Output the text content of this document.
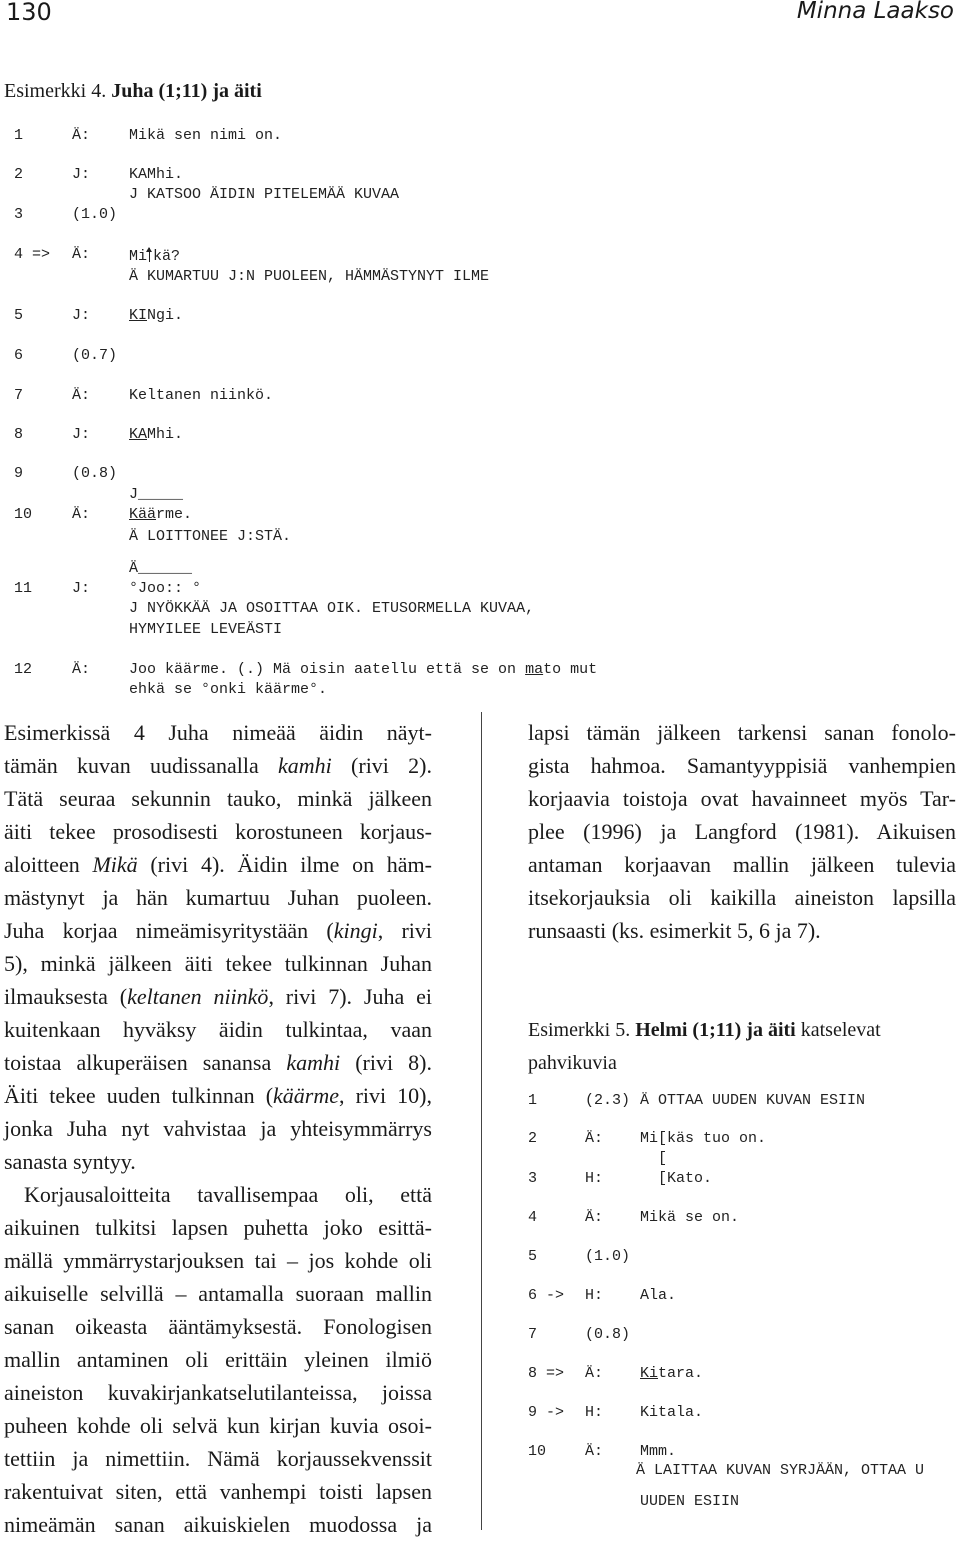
130	Minna Laakso
Esimerkki 4. Juha (1;11) ja äiti
1	Ä:	Mikä sen nimi on.
2	J:	KAMhi.
J KATSOO ÄIDIN PITELEMÄÄ KUVAA
3	(1.0)
4 => Ä:	Mi kä?
Ä KUMARTUU J:N PUOLEEN, HÄMMÄSTYNYT ILME
5	J:	KINgi.
6	(0.7)
7	Ä:	Keltanen niinkö.
8	J:	KAMhi.
9	(0.8)
J_____
10	Ä:	Käärme.
Ä LOITTONEE J:STÄ.
Ä______
11	J:	°Joo:: °
J NYÖKKÄÄ JA OSOITTAA OIK. ETUSORMELLA KUVAA,
HYMYILEE LEVEÄSTI
12	Ä:	Joo käärme. (.) Mä oisin aatellu että se on mato mut
ehkä se °onki käärme°.
Esimerkissä 4 Juha nimeää äidin näyt-
tämän kuvan uudissanalla kamhi (rivi 2).
Tätä seuraa sekunnin tauko, minkä jälkeen
äiti tekee prosodisesti korostuneen korjaus-
aloitteen Mikä (rivi 4). Äidin ilme on häm-
mästynyt ja hän kumartuu Juhan puoleen.
Juha korjaa nimeämisyritystään (kingi, rivi
5), minkä jälkeen äiti tekee tulkinnan Juhan
ilmauksesta (keltanen niinkö, rivi 7). Juha ei
kuitenkaan hyväksy äidin tulkintaa, vaan
toistaa alkuperäisen sanansa kamhi (rivi 8).
Äiti tekee uuden tulkinnan (käärme, rivi 10),
jonka Juha nyt vahvistaa ja yhteisymmärrys
sanasta syntyy.
Korjausaloitteita tavallisempaa oli, että
aikuinen tulkitsi lapsen puhetta joko esittä-
mällä ymmärrystarjouksen tai – jos kohde oli
aikuiselle selvillä – antamalla suoraan mallin
sanan oikeasta ääntämyksestä. Fonologisen
mallin antaminen oli erittäin yleinen ilmiö
aineiston kuvakirjankatselutilanteissa, joissa
puheen kohde oli selvä kun kirjan kuvia osoi-
tettiin ja nimettiin. Nämä korjaussekvenssit
rakentuivat siten, että vanhempi toisti lapsen
nimeämän sanan aikuiskielen muodossa ja
lapsi tämän jälkeen tarkensi sanan fonolo-
gista hahmoa. Samantyyppisiä vanhempien
korjaavia toistoja ovat havainneet myös Tar-
plee (1996) ja Langford (1981). Aikuisen
antaman korjaavan mallin jälkeen tulevia
itsekorjauksia oli kaikilla aineiston lapsilla
runsaasti (ks. esimerkit 5, 6 ja 7).
Esimerkki 5. Helmi (1;11) ja äiti katselevat
pahvikuvia
1	(2.3) Ä OTTAA UUDEN KUVAN ESIIN
2	Ä: Mi[käs tuo on.
[
3	H: [Kato.
4	Ä: Mikä se on.
5	(1.0)
6 -> H: Ala.
7	(0.8)
8 => Ä: Kitara.
9 -> H: Kitala.
10	Ä: Mmm.
Ä LAITTAA KUVAN SYRJÄÄN, OTTAA U
UUDEN ESIIN
